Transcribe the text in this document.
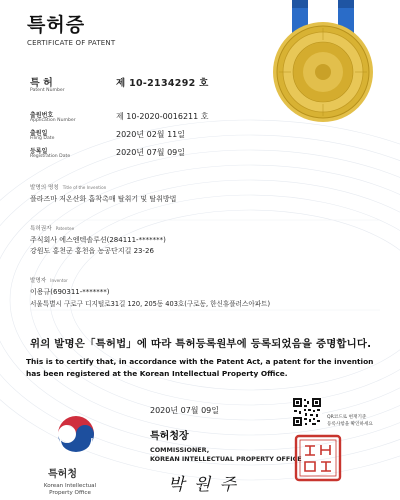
특허증
CERTIFICATE OF PATENT
특 허
Patent Number
제 10-2134292 호
출원번호
Application Number	제 10-2020-0016211 호
출원일
Filing Date	2020년 02월 11일
등록일
Registration Date	2020년 07월 09일
발명의 명칭 Title of the Invention
플라즈마 저온산화 흡착촉매 탈취기 및 탈취방법
특허권자 Patentee
주식회사 에스엔텍솔루션(284111-*******)
강원도 홍천군 홍천읍 농공단지길 23-26
발명자 Inventor
이용규(690311-*******)
서울특별시 구로구 디지털로31길 120, 205동 403호(구로동, 한신휴플러스아파트)
위의 발명은「특허법」에 따라 특허등록원부에 등록되었음을 증명합니다.
This is to certify that, in accordance with the Patent Act, a patent for the invention has been registered at the Korean Intellectual Property Office.
2020년 07월 09일
특허청장
COMMISSIONER,
KOREAN INTELLECTUAL PROPERTY OFFICE
박 원 주
QR코드로 현재기준
등록사항을 확인하세요
특허청
Korean Intellectual Property Office
